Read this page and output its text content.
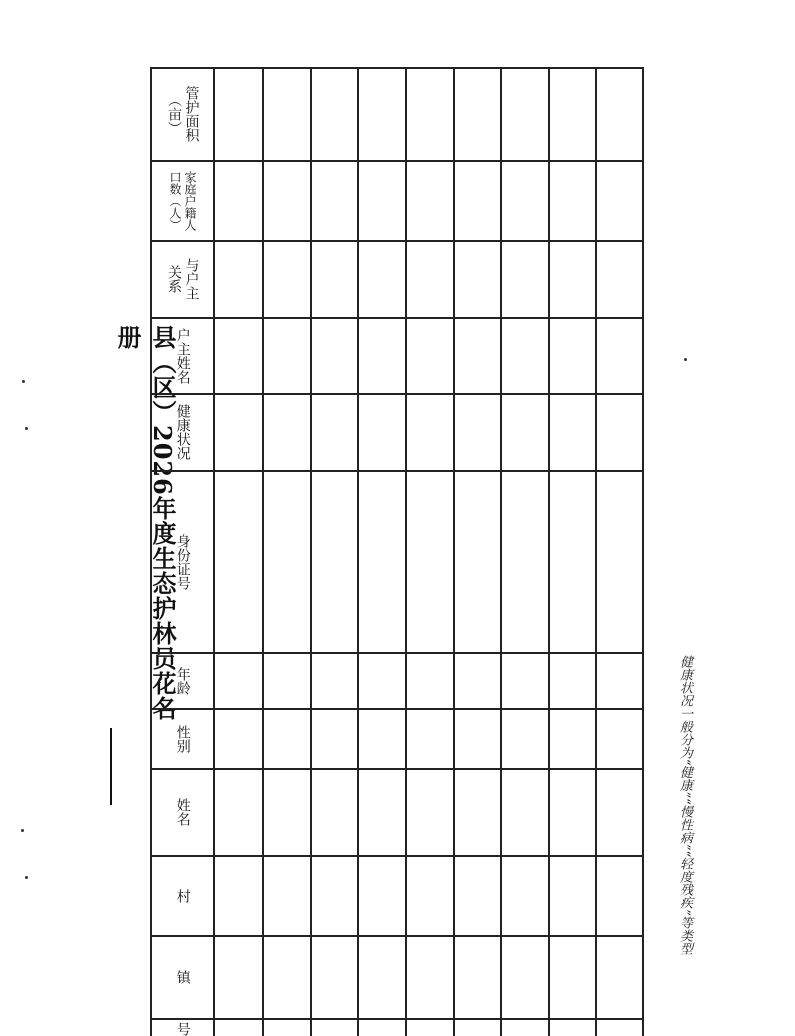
县（区）2026年度生态护林员花名册
管护面积 （亩）
家庭户籍人
口数（人）
与户主
关系
户主姓名
健康状况
身份证号
年龄
性别
姓名
村
镇
号
健康状况一般分为“健康”“慢性病”“轻度残疾”等类型
